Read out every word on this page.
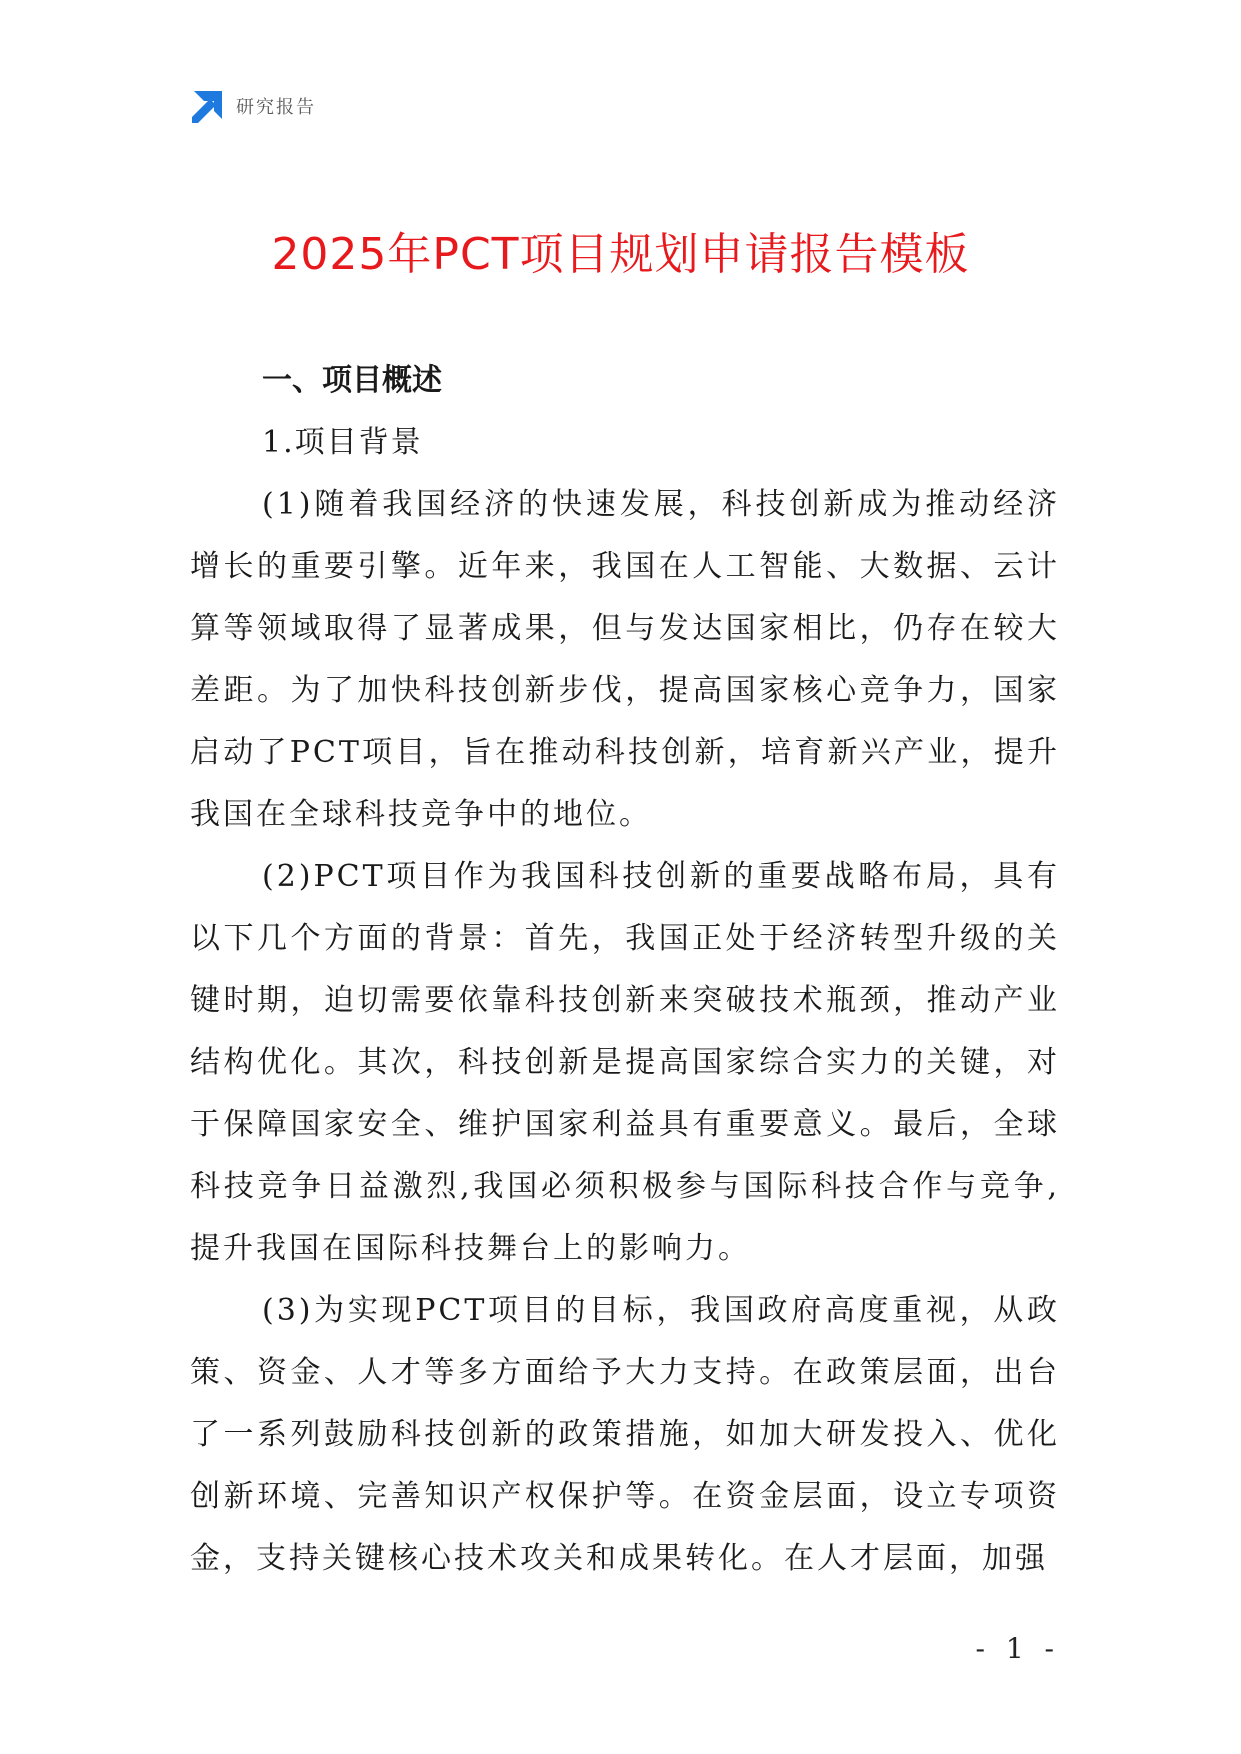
研究报告
2025年PCT项目规划申请报告模板
一、项目概述
1.项目背景

(1)随着我国经济的快速发展，科技创新成为推动经济增长的重要引擎。近年来，我国在人工智能、大数据、云计算等领域取得了显著成果，但与发达国家相比，仍存在较大差距。为了加快科技创新步伐，提高国家核心竞争力，国家启动了PCT项目，旨在推动科技创新，培育新兴产业，提升我国在全球科技竞争中的地位。

(2)PCT项目作为我国科技创新的重要战略布局，具有以下几个方面的背景：首先，我国正处于经济转型升级的关键时期，迫切需要依靠科技创新来突破技术瓶颈，推动产业结构优化。其次，科技创新是提高国家综合实力的关键，对于保障国家安全、维护国家利益具有重要意义。最后，全球科技竞争日益激烈,我国必须积极参与国际科技合作与竞争,提升我国在国际科技舞台上的影响力。

(3)为实现PCT项目的目标，我国政府高度重视，从政策、资金、人才等多方面给予大力支持。在政策层面，出台了一系列鼓励科技创新的政策措施，如加大研发投入、优化创新环境、完善知识产权保护等。在资金层面，设立专项资金，支持关键核心技术攻关和成果转化。在人才层面，加强

- 1 -
